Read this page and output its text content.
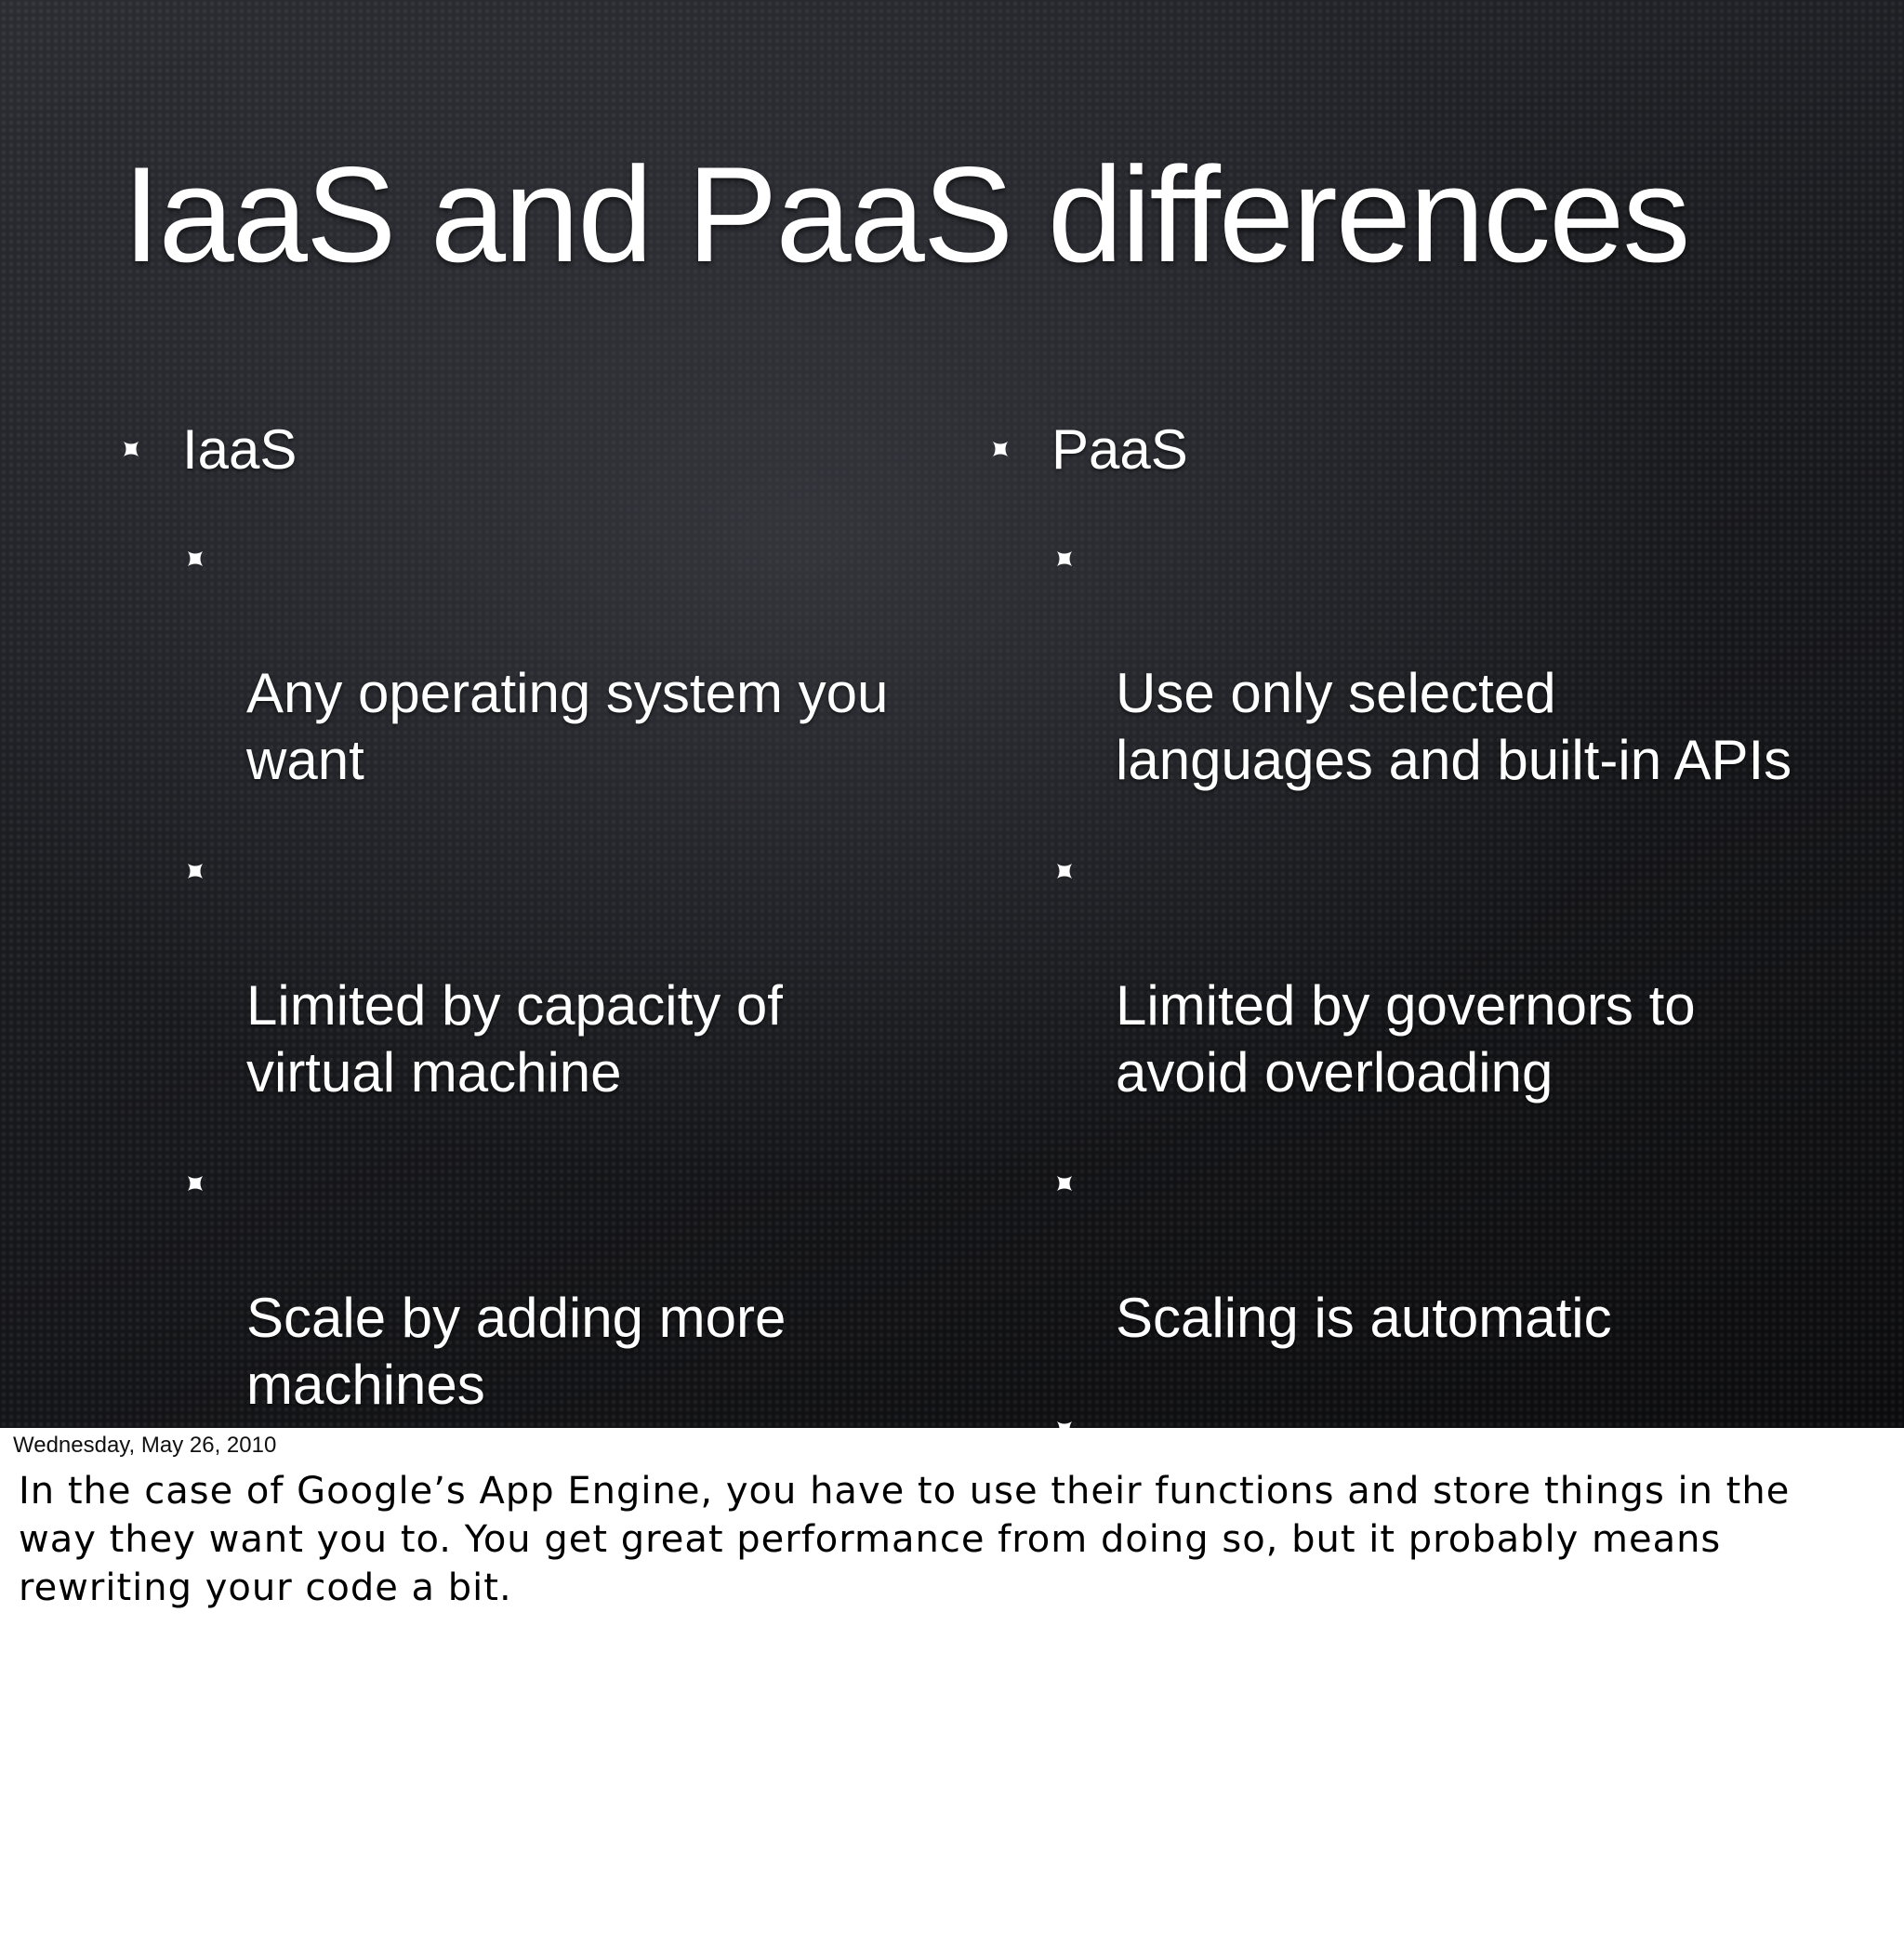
IaaS and PaaS differences
IaaS

Any operating system you
want

Limited by capacity of
virtual machine

Scale by adding more
machines

PaaS

Use only selected
languages and built-in APIs

Limited by governors to
avoid overloading

Scaling is automatic

Wednesday, May 26, 2010

In the case of Google’s App Engine, you have to use their functions and store things in the way they want you to. You get great performance from doing so, but it probably means rewriting your code a bit.
